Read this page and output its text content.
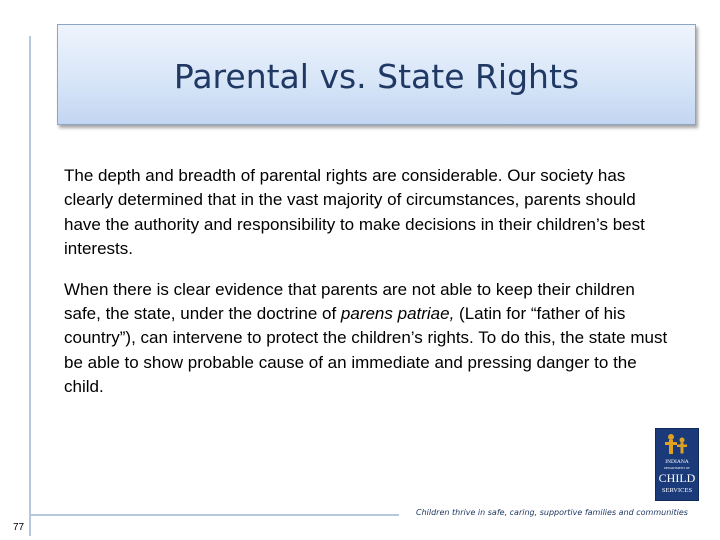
Parental vs. State Rights

The depth and breadth of parental rights are considerable. Our society has clearly determined that in the vast majority of circumstances, parents should have the authority and responsibility to make decisions in their children’s best interests.

When there is clear evidence that parents are not able to keep their children safe, the state, under the doctrine of parens patriae, (Latin for “father of his country”), can intervene to protect the children’s rights. To do this, the state must be able to show probable cause of an immediate and pressing danger to the child.

INDIANA
DEPARTMENT OF
CHILD
SERVICES
Children thrive in safe, caring, supportive families and communities
77
